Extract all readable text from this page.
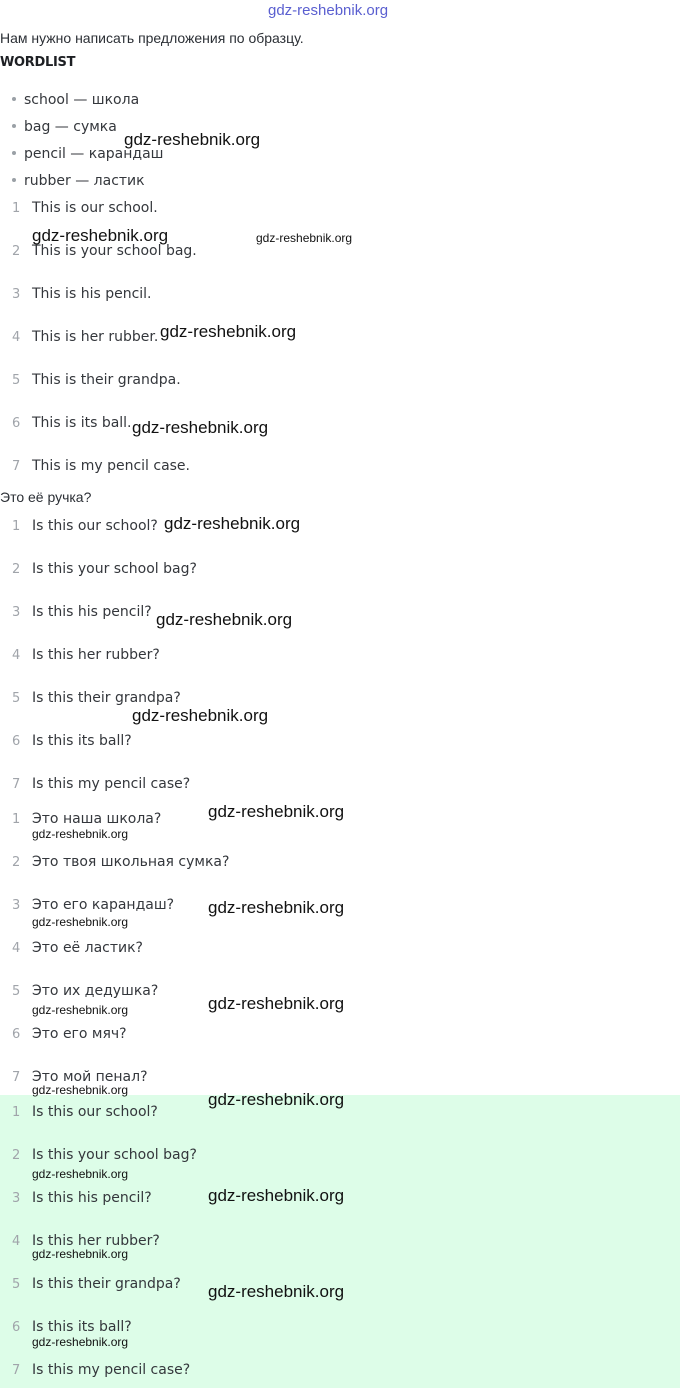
gdz-reshebnik.org
Нам нужно написать предложения по образцу.
WORDLIST
school — школа
bag — сумка
pencil — карандаш
rubber — ластик
1 This is our school.
2 This is your school bag.
3 This is his pencil.
4 This is her rubber.
5 This is their grandpa.
6 This is its ball.
7 This is my pencil case.
Это её ручка?
1 Is this our school?
2 Is this your school bag?
3 Is this his pencil?
4 Is this her rubber?
5 Is this their grandpa?
6 Is this its ball?
7 Is this my pencil case?
1 Это наша школа?
2 Это твоя школьная сумка?
3 Это его карандаш?
4 Это её ластик?
5 Это их дедушка?
6 Это его мяч?
7 Это мой пенал?
1 Is this our school?
2 Is this your school bag?
3 Is this his pencil?
4 Is this her rubber?
5 Is this their grandpa?
6 Is this its ball?
7 Is this my pencil case?
gdz-reshebnik.org
gdz-reshebnik.org	gdz-reshebnik.org
gdz-reshebnik.org
gdz-reshebnik.org
gdz-reshebnik.org
gdz-reshebnik.org
gdz-reshebnik.org
gdz-reshebnik.org
gdz-reshebnik.org
gdz-reshebnik.org
gdz-reshebnik.org
gdz-reshebnik.org
gdz-reshebnik.org
gdz-reshebnik.org	gdz-reshebnik.org
gdz-reshebnik.org
gdz-reshebnik.org
gdz-reshebnik.org
gdz-reshebnik.org
gdz-reshebnik.org
